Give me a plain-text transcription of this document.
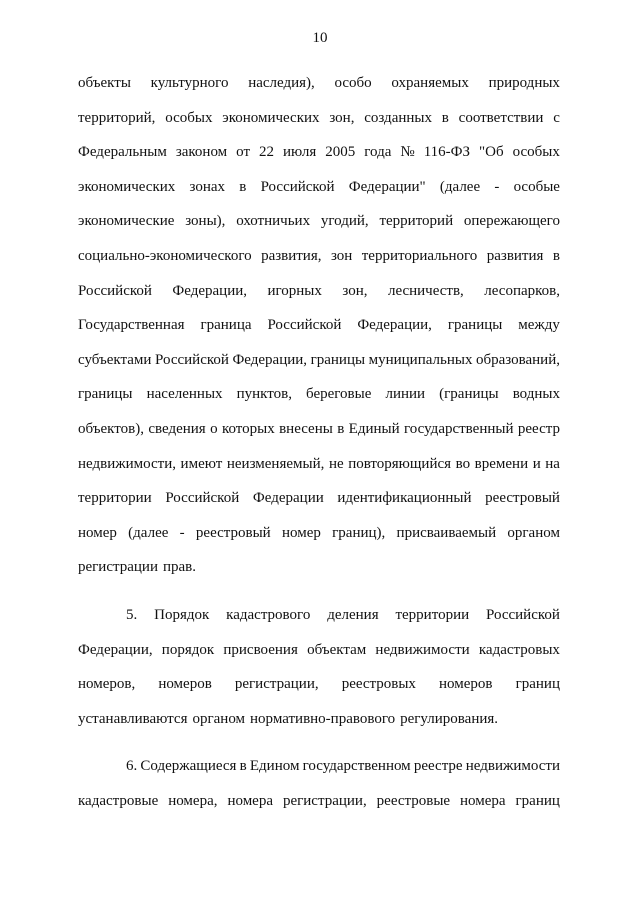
10
объекты культурного наследия), особо охраняемых природных
территорий, особых экономических зон, созданных в соответствии с
Федеральным законом от 22 июля 2005 года № 116-ФЗ "Об особых
экономических зонах в Российской Федерации" (далее - особые
экономические зоны), охотничьих угодий, территорий опережающего
социально-экономического развития, зон территориального развития в
Российской Федерации, игорных зон, лесничеств, лесопарков,
Государственная граница Российской Федерации, границы между
субъектами Российской Федерации, границы муниципальных образований,
границы населенных пунктов, береговые линии (границы водных
объектов), сведения о которых внесены в Единый государственный реестр
недвижимости, имеют неизменяемый, не повторяющийся во времени и на
территории Российской Федерации идентификационный реестровый
номер (далее - реестровый номер границ), присваиваемый органом
регистрации прав.
5. Порядок кадастрового деления территории Российской
Федерации, порядок присвоения объектам недвижимости кадастровых
номеров, номеров регистрации, реестровых номеров границ
устанавливаются органом нормативно-правового регулирования.
6. Содержащиеся в Едином государственном реестре недвижимости
кадастровые номера, номера регистрации, реестровые номера границ
